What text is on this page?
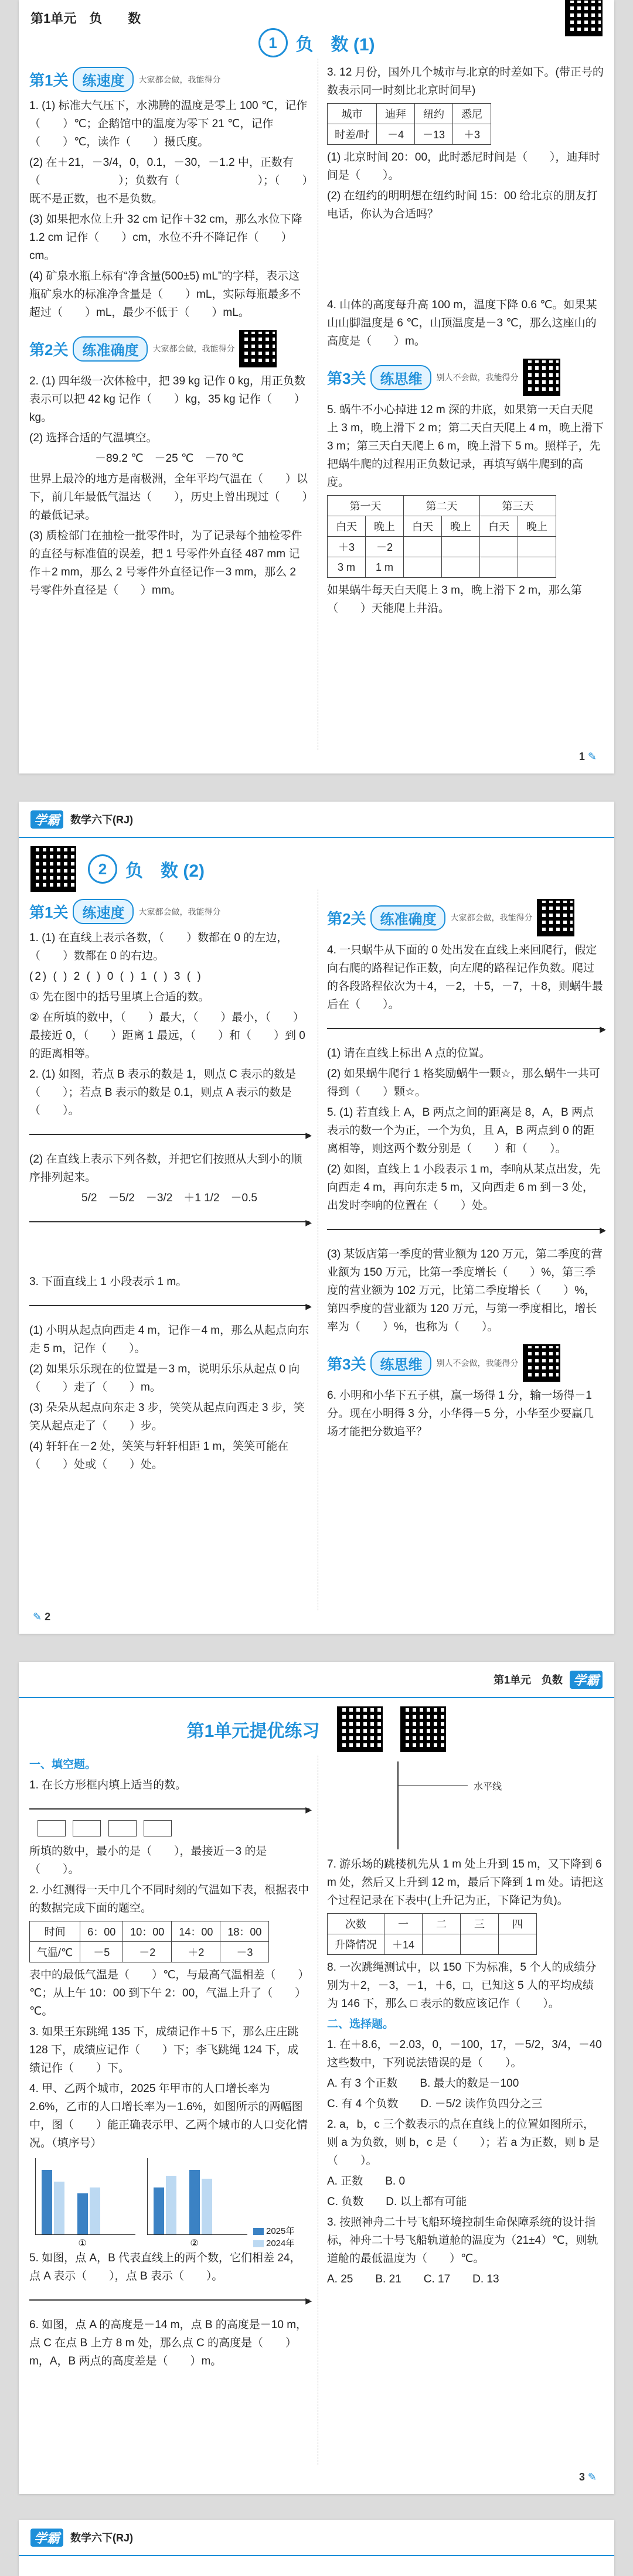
第1单元　负　　数
1	负　数 (1)
第1关	练速度	大家都会做，我能得分

1. (1) 标准大气压下，水沸腾的温度是零上 100 ℃，记作（　　）℃；企鹅馆中的温度为零下 21 ℃，记作（　　）℃，读作（　　）摄氏度。

(2) 在＋21，－3/4，0，0.1，－30，－1.2 中，正数有（　　　　　　　）；负数有（　　　　　　　）；（　　）既不是正数，也不是负数。

(3) 如果把水位上升 32 cm 记作＋32 cm，那么水位下降 1.2 cm 记作（　　）cm，水位不升不降记作（　　）cm。

(4) 矿泉水瓶上标有“净含量(500±5) mL”的字样，表示这瓶矿泉水的标准净含量是（　　）mL，实际每瓶最多不超过（　　）mL，最少不低于（　　）mL。

第2关	练准确度	大家都会做，我能得分

2. (1) 四年级一次体检中，把 39 kg 记作 0 kg，用正负数表示可以把 42 kg 记作（　　）kg，35 kg 记作（　　）kg。

(2) 选择合适的气温填空。

－89.2 ℃　－25 ℃　－70 ℃

世界上最冷的地方是南极洲，全年平均气温在（　　）以下，前几年最低气温达（　　），历史上曾出现过（　　）的最低记录。

(3) 质检部门在抽检一批零件时，为了记录每个抽检零件的直径与标准值的误差，把 1 号零件外直径 487 mm 记作＋2 mm，那么 2 号零件外直径记作－3 mm，那么 2 号零件外直径是（　　）mm。

3. 12 月份，国外几个城市与北京的时差如下。(带正号的数表示同一时刻比北京时间早)

城市	迪拜	纽约	悉尼
时差/时	－4	－13	＋3

(1) 北京时间 20：00，此时悉尼时间是（　　），迪拜时间是（　　）。

(2) 在纽约的明明想在纽约时间 15：00 给北京的朋友打电话，你认为合适吗？

4. 山体的高度每升高 100 m，温度下降 0.6 ℃。如果某山山脚温度是 6 ℃，山顶温度是－3 ℃，那么这座山的高度是（　　）m。

第3关	练思维	别人不会做，我能得分

5. 蜗牛不小心掉进 12 m 深的井底，如果第一天白天爬上 3 m，晚上滑下 2 m；第二天白天爬上 4 m，晚上滑下 3 m；第三天白天爬上 6 m，晚上滑下 5 m。照样子，先把蜗牛爬的过程用正负数记录，再填写蜗牛爬到的高度。

第一天		第二天		第三天	
白天	晚上	白天	晚上	白天	晚上
＋3	－2				
3 m	1 m				

如果蜗牛每天白天爬上 3 m，晚上滑下 2 m，那么第（　　）天能爬上井沿。

1 ✎
学霸	数学六下(RJ)
2	负　数 (2)
第1关	练速度	大家都会做，我能得分

1. (1) 在直线上表示各数，（　　）数都在 0 的左边，（　　）数都在 0 的右边。

(2) ( ) 2 ( ) 0 ( ) 1 ( ) 3 ( )

① 先在图中的括号里填上合适的数。

② 在所填的数中，（　　）最大，（　　）最小，（　　）最接近 0，（　　）距离 1 最远，（　　）和（　　）到 0 的距离相等。

2. (1) 如图，若点 B 表示的数是 1，则点 C 表示的数是（　　）；若点 B 表示的数是 0.1，则点 A 表示的数是（　　）。

▶

(2) 在直线上表示下列各数，并把它们按照从大到小的顺序排列起来。

5/2　－5/2　－3/2　＋1 1/2　－0.5

▶

3. 下面直线上 1 小段表示 1 m。

▶

(1) 小明从起点向西走 4 m，记作－4 m，那么从起点向东走 5 m，记作（　　）。

(2) 如果乐乐现在的位置是－3 m，说明乐乐从起点 0 向（　　）走了（　　）m。

(3) 朵朵从起点向东走 3 步，笑笑从起点向西走 3 步，笑笑从起点走了（　　）步。

(4) 轩轩在－2 处，笑笑与轩轩相距 1 m，笑笑可能在（　　）处或（　　）处。

第2关	练准确度	大家都会做，我能得分

4. 一只蜗牛从下面的 0 处出发在直线上来回爬行，假定向右爬的路程记作正数，向左爬的路程记作负数。爬过的各段路程依次为＋4，－2，＋5，－7，＋8，则蜗牛最后在（　　）。

▶

(1) 请在直线上标出 A 点的位置。

(2) 如果蜗牛爬行 1 格奖励蜗牛一颗☆，那么蜗牛一共可得到（　　）颗☆。

5. (1) 若直线上 A，B 两点之间的距离是 8，A，B 两点表示的数一个为正，一个为负，且 A，B 两点到 0 的距离相等，则这两个数分别是（　　）和（　　）。

(2) 如图，直线上 1 小段表示 1 m，李响从某点出发，先向西走 4 m，再向东走 5 m，又向西走 6 m 到－3 处，出发时李响的位置在（　　）处。

▶

(3) 某饭店第一季度的营业额为 120 万元，第二季度的营业额为 150 万元，比第一季度增长（　　）%，第三季度的营业额为 102 万元，比第二季度增长（　　）%，第四季度的营业额为 120 万元，与第一季度相比，增长率为（　　）%，也称为（　　）。

第3关	练思维	别人不会做，我能得分

6. 小明和小华下五子棋，赢一场得 1 分，输一场得－1 分。现在小明得 3 分，小华得－5 分，小华至少要赢几场才能把分数追平？

✎ 2
第1单元　负数 学霸
第1单元提优练习

一、填空题。

1. 在长方形框内填上适当的数。

▶

所填的数中，最小的是（　　），最接近－3 的是（　　）。

2. 小红测得一天中几个不同时刻的气温如下表，根据表中的数据完成下面的题空。

时间	6：00	10：00	14：00	18：00
气温/℃	－5	－2	＋2	－3

表中的最低气温是（　　）℃，与最高气温相差（　　）℃；从上午 10：00 到下午 2：00，气温上升了（　　）℃。

3. 如果王东跳绳 135 下，成绩记作＋5 下，那么庄庄跳 128 下，成绩应记作（　　）下；李飞跳绳 124 下，成绩记作（　　）下。

4. 甲、乙两个城市，2025 年甲市的人口增长率为 2.6%，乙市的人口增长率为－1.6%，如图所示的两幅图中，图（　　）能正确表示甲、乙两个城市的人口变化情况。（填序号）

①	②
2025年
2024年

5. 如图，点 A，B 代表直线上的两个数，它们相差 24，点 A 表示（　　），点 B 表示（　　）。

▶

6. 如图，点 A 的高度是－14 m，点 B 的高度是－10 m，点 C 在点 B 上方 8 m 处，那么点 C 的高度是（　　）m，A，B 两点的高度差是（　　）m。

水平线

7. 游乐场的跳楼机先从 1 m 处上升到 15 m，又下降到 6 m 处，然后又上升到 12 m，最后下降到 1 m 处。请把这个过程记录在下表中(上升记为正，下降记为负)。

次数	一	二	三	四
升降情况	＋14			

8. 一次跳绳测试中，以 150 下为标准，5 个人的成绩分别为＋2，－3，－1，＋6，□，已知这 5 人的平均成绩为 146 下，那么 □ 表示的数应该记作（　　）。

二、选择题。

1. 在＋8.6，－2.03，0，－100，17，－5/2，3/4，－40 这些数中，下列说法错误的是（　　）。

A. 有 3 个正数　　B. 最大的数是－100

C. 有 4 个负数　　D. －5/2 读作负四分之三

2. a，b，c 三个数表示的点在直线上的位置如图所示，则 a 为负数，则 b，c 是（　　）；若 a 为正数，则 b 是（　　）。

A. 正数　　B. 0

C. 负数　　D. 以上都有可能

3. 按照神舟二十号飞船环境控制生命保障系统的设计指标，神舟二十号飞船轨道舱的温度为（21±4）℃，则轨道舱的最低温度为（　　）℃。

A. 25　　B. 21　　C. 17　　D. 13

3 ✎
学霸	数学六下(RJ)
